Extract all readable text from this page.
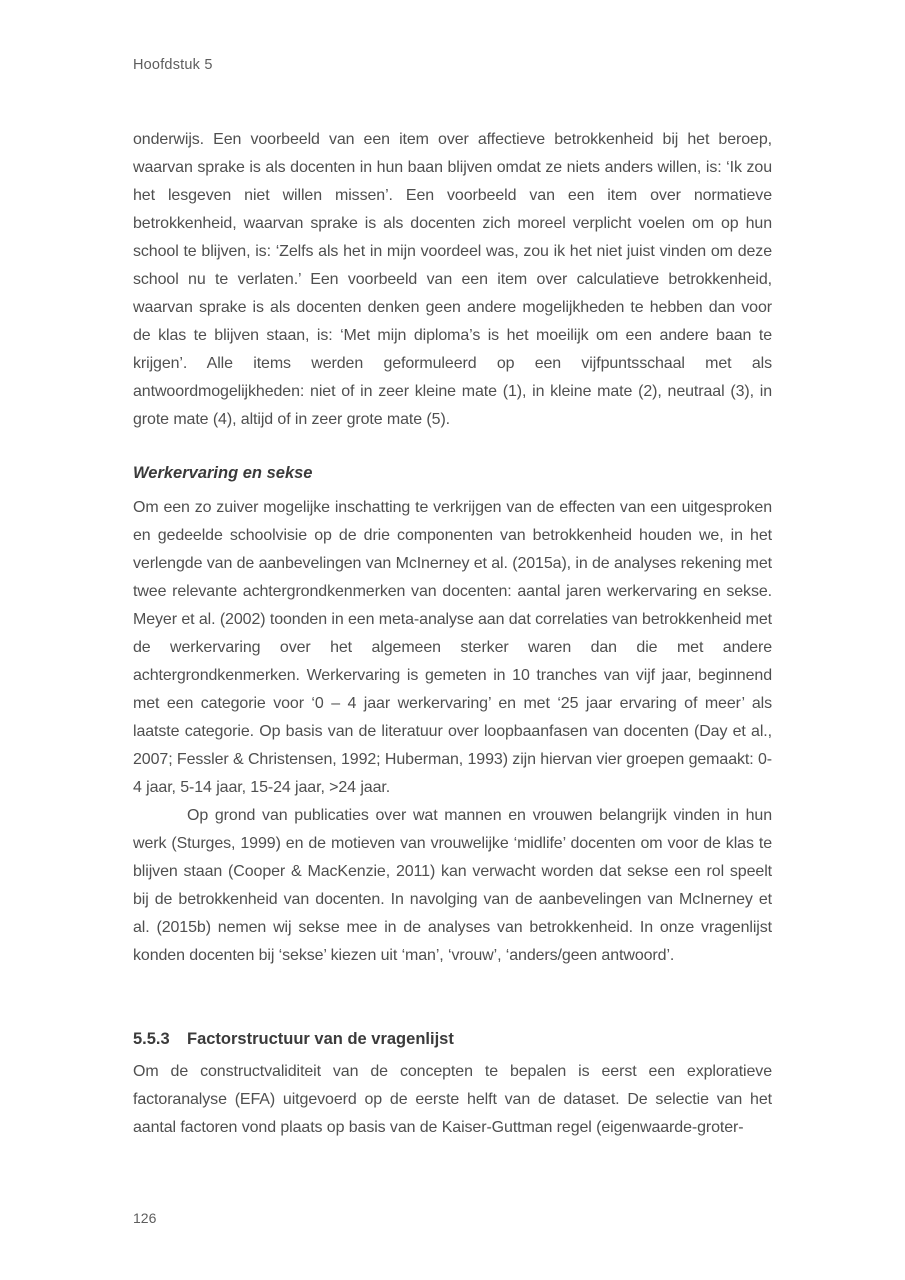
Hoofdstuk 5

onderwijs. Een voorbeeld van een item over affectieve betrokkenheid bij het beroep, waarvan sprake is als docenten in hun baan blijven omdat ze niets anders willen, is: ‘Ik zou het lesgeven niet willen missen’. Een voorbeeld van een item over normatieve betrokkenheid, waarvan sprake is als docenten zich moreel verplicht voelen om op hun school te blijven, is: ‘Zelfs als het in mijn voordeel was, zou ik het niet juist vinden om deze school nu te verlaten.’ Een voorbeeld van een item over calculatieve betrokkenheid, waarvan sprake is als docenten denken geen andere mogelijkheden te hebben dan voor de klas te blijven staan, is: ‘Met mijn diploma’s is het moeilijk om een andere baan te krijgen’. Alle items werden geformuleerd op een vijfpuntsschaal met als antwoordmogelijkheden: niet of in zeer kleine mate (1), in kleine mate (2), neutraal (3), in grote mate (4), altijd of in zeer grote mate (5).

Werkervaring en sekse

Om een zo zuiver mogelijke inschatting te verkrijgen van de effecten van een uitgesproken en gedeelde schoolvisie op de drie componenten van betrokkenheid houden we, in het verlengde van de aanbevelingen van McInerney et al. (2015a), in de analyses rekening met twee relevante achtergrondkenmerken van docenten: aantal jaren werkervaring en sekse. Meyer et al. (2002) toonden in een meta-analyse aan dat correlaties van betrokkenheid met de werkervaring over het algemeen sterker waren dan die met andere achtergrondkenmerken. Werkervaring is gemeten in 10 tranches van vijf jaar, beginnend met een categorie voor ‘0 – 4 jaar werkervaring’ en met ‘25 jaar ervaring of meer’ als laatste categorie. Op basis van de literatuur over loopbaanfasen van docenten (Day et al., 2007; Fessler & Christensen, 1992; Huberman, 1993) zijn hiervan vier groepen gemaakt: 0-4 jaar, 5-14 jaar, 15-24 jaar, >24 jaar.

Op grond van publicaties over wat mannen en vrouwen belangrijk vinden in hun werk (Sturges, 1999) en de motieven van vrouwelijke ‘midlife’ docenten om voor de klas te blijven staan (Cooper & MacKenzie, 2011) kan verwacht worden dat sekse een rol speelt bij de betrokkenheid van docenten. In navolging van de aanbevelingen van McInerney et al. (2015b) nemen wij sekse mee in de analyses van betrokkenheid. In onze vragenlijst konden docenten bij ‘sekse’ kiezen uit ‘man’, ‘vrouw’, ‘anders/geen antwoord’.

5.5.3 Factorstructuur van de vragenlijst

Om de constructvaliditeit van de concepten te bepalen is eerst een exploratieve factoranalyse (EFA) uitgevoerd op de eerste helft van de dataset. De selectie van het aantal factoren vond plaats op basis van de Kaiser-Guttman regel (eigenwaarde-groter-

126
